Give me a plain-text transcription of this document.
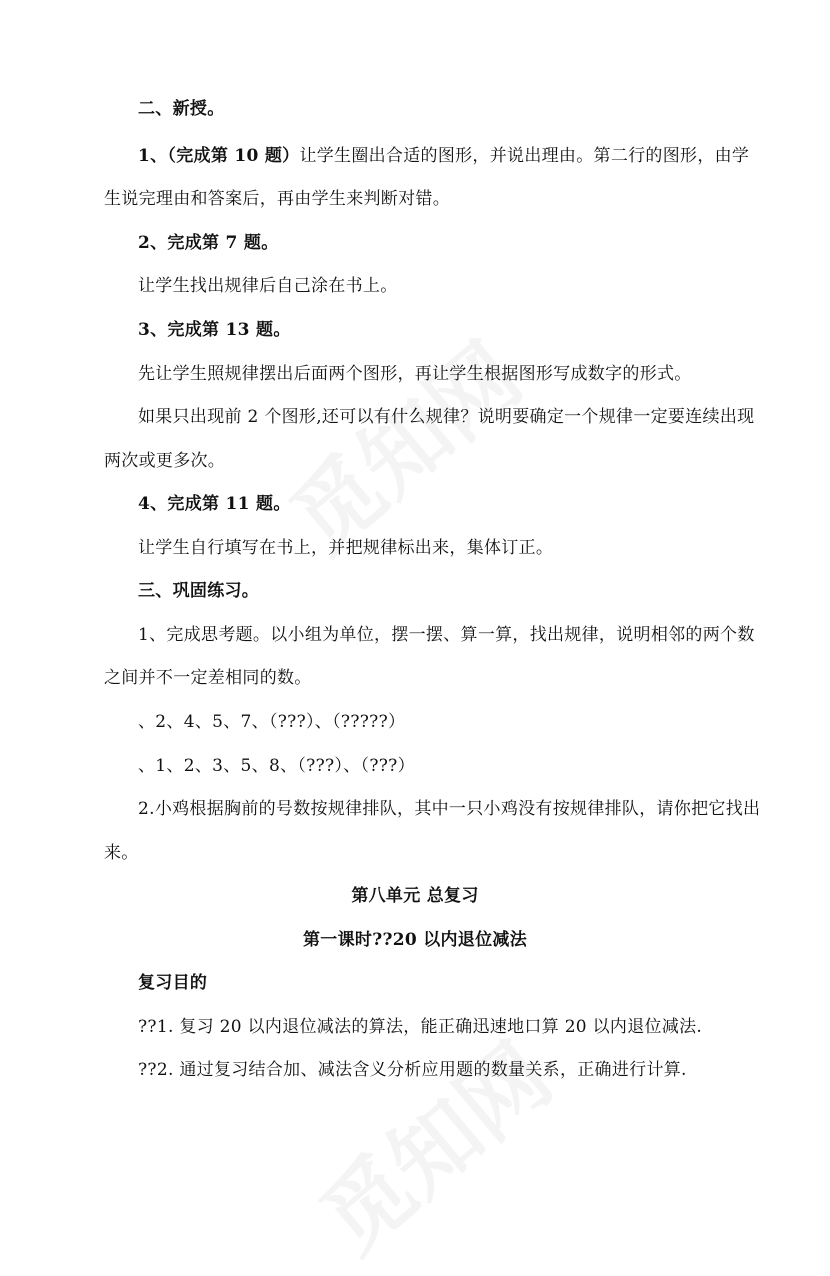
二、新授。
1、（完成第 10 题）让学生圈出合适的图形，并说出理由。第二行的图形，由学
生说完理由和答案后，再由学生来判断对错。
2、完成第 7 题。
让学生找出规律后自己涂在书上。
3、完成第 13 题。
先让学生照规律摆出后面两个图形，再让学生根据图形写成数字的形式。
如果只出现前 2 个图形,还可以有什么规律？说明要确定一个规律一定要连续出现
两次或更多次。
4、完成第 11 题。
让学生自行填写在书上，并把规律标出来，集体订正。
三、巩固练习。
1、完成思考题。以小组为单位，摆一摆、算一算，找出规律，说明相邻的两个数
之间并不一定差相同的数。
、2、4、5、7、（???）、（?????）
、1、2、3、5、8、（???）、（???）
2.小鸡根据胸前的号数按规律排队，其中一只小鸡没有按规律排队，请你把它找出
来。
第八单元 总复习
第一课时??20 以内退位减法
复习目的
??1. 复习 20 以内退位减法的算法，能正确迅速地口算 20 以内退位减法.
??2. 通过复习结合加、减法含义分析应用题的数量关系，正确进行计算.
